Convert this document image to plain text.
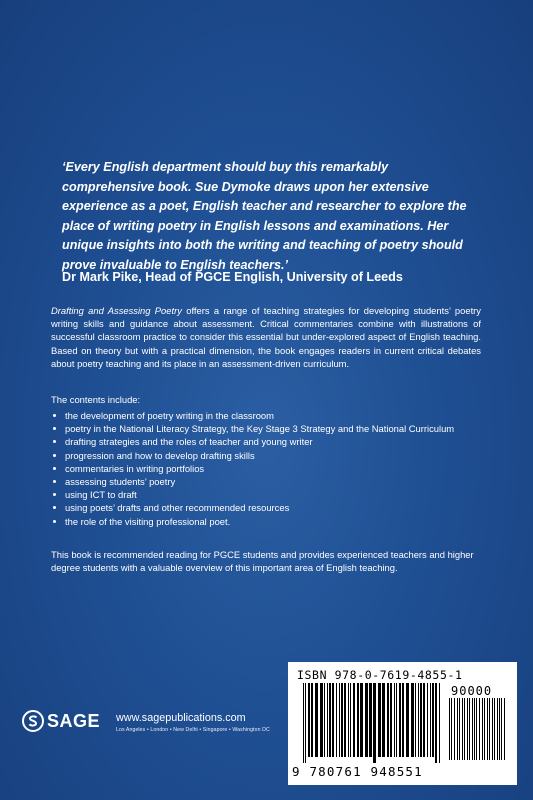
‘Every English department should buy this remarkably comprehensive book. Sue Dymoke draws upon her extensive experience as a poet, English teacher and researcher to explore the place of writing poetry in English lessons and examinations. Her unique insights into both the writing and teaching of poetry should prove invaluable to English teachers.’
Dr Mark Pike, Head of PGCE English, University of Leeds
Drafting and Assessing Poetry offers a range of teaching strategies for developing students’ poetry writing skills and guidance about assessment. Critical commentaries combine with illustrations of successful classroom practice to consider this essential but under-explored aspect of English teaching. Based on theory but with a practical dimension, the book engages readers in current critical debates about poetry teaching and its place in an assessment-driven curriculum.
The contents include:
the development of poetry writing in the classroom
poetry in the National Literacy Strategy, the Key Stage 3 Strategy and the National Curriculum
drafting strategies and the roles of teacher and young writer
progression and how to develop drafting skills
commentaries in writing portfolios
assessing students’ poetry
using ICT to draft
using poets’ drafts and other recommended resources
the role of the visiting professional poet.
This book is recommended reading for PGCE students and provides experienced teachers and higher degree students with a valuable overview of this important area of English teaching.
SAGE www.sagepublications.com
Los Angeles • London • New Delhi • Singapore • Washington DC
ISBN 978-0-7619-4855-1
90000
9 780761 948551
